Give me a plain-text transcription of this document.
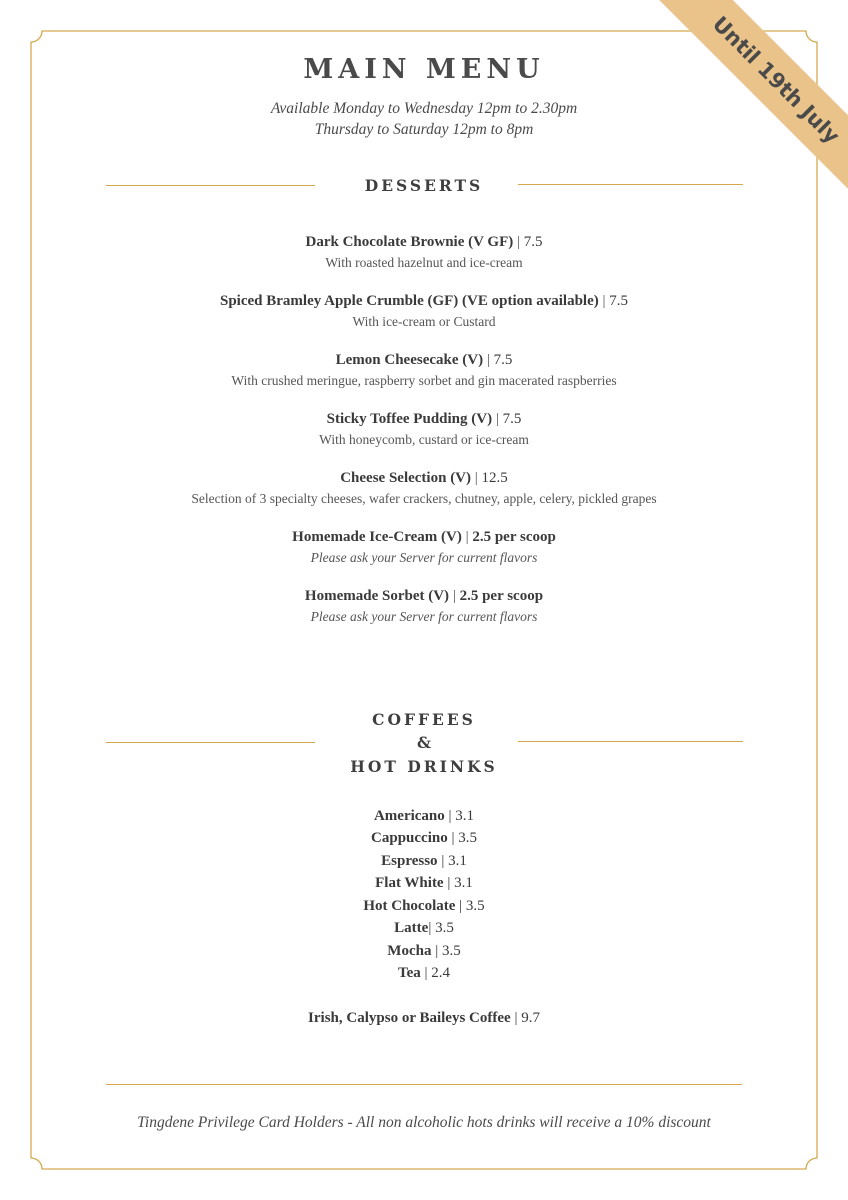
Until 19th July
MAIN MENU
Available Monday to Wednesday 12pm to 2.30pm
Thursday to Saturday 12pm to 8pm
DESSERTS
Dark Chocolate Brownie (V GF) | 7.5
With roasted hazelnut and ice-cream
Spiced Bramley Apple Crumble (GF) (VE option available) | 7.5
With ice-cream or Custard
Lemon Cheesecake (V) | 7.5
With crushed meringue, raspberry sorbet and gin macerated raspberries
Sticky Toffee Pudding (V) | 7.5
With honeycomb, custard or ice-cream
Cheese Selection (V) | 12.5
Selection of 3 specialty cheeses, wafer crackers, chutney, apple, celery, pickled grapes
Homemade Ice-Cream (V) | 2.5 per scoop
Please ask your Server for current flavors
Homemade Sorbet (V) | 2.5 per scoop
Please ask your Server for current flavors
COFFEES
&
HOT DRINKS
Americano | 3.1
Cappuccino | 3.5
Espresso | 3.1
Flat White | 3.1
Hot Chocolate | 3.5
Latte| 3.5
Mocha | 3.5
Tea | 2.4
Irish, Calypso or Baileys Coffee | 9.7
Tingdene Privilege Card Holders - All non alcoholic hots drinks will receive a 10% discount
